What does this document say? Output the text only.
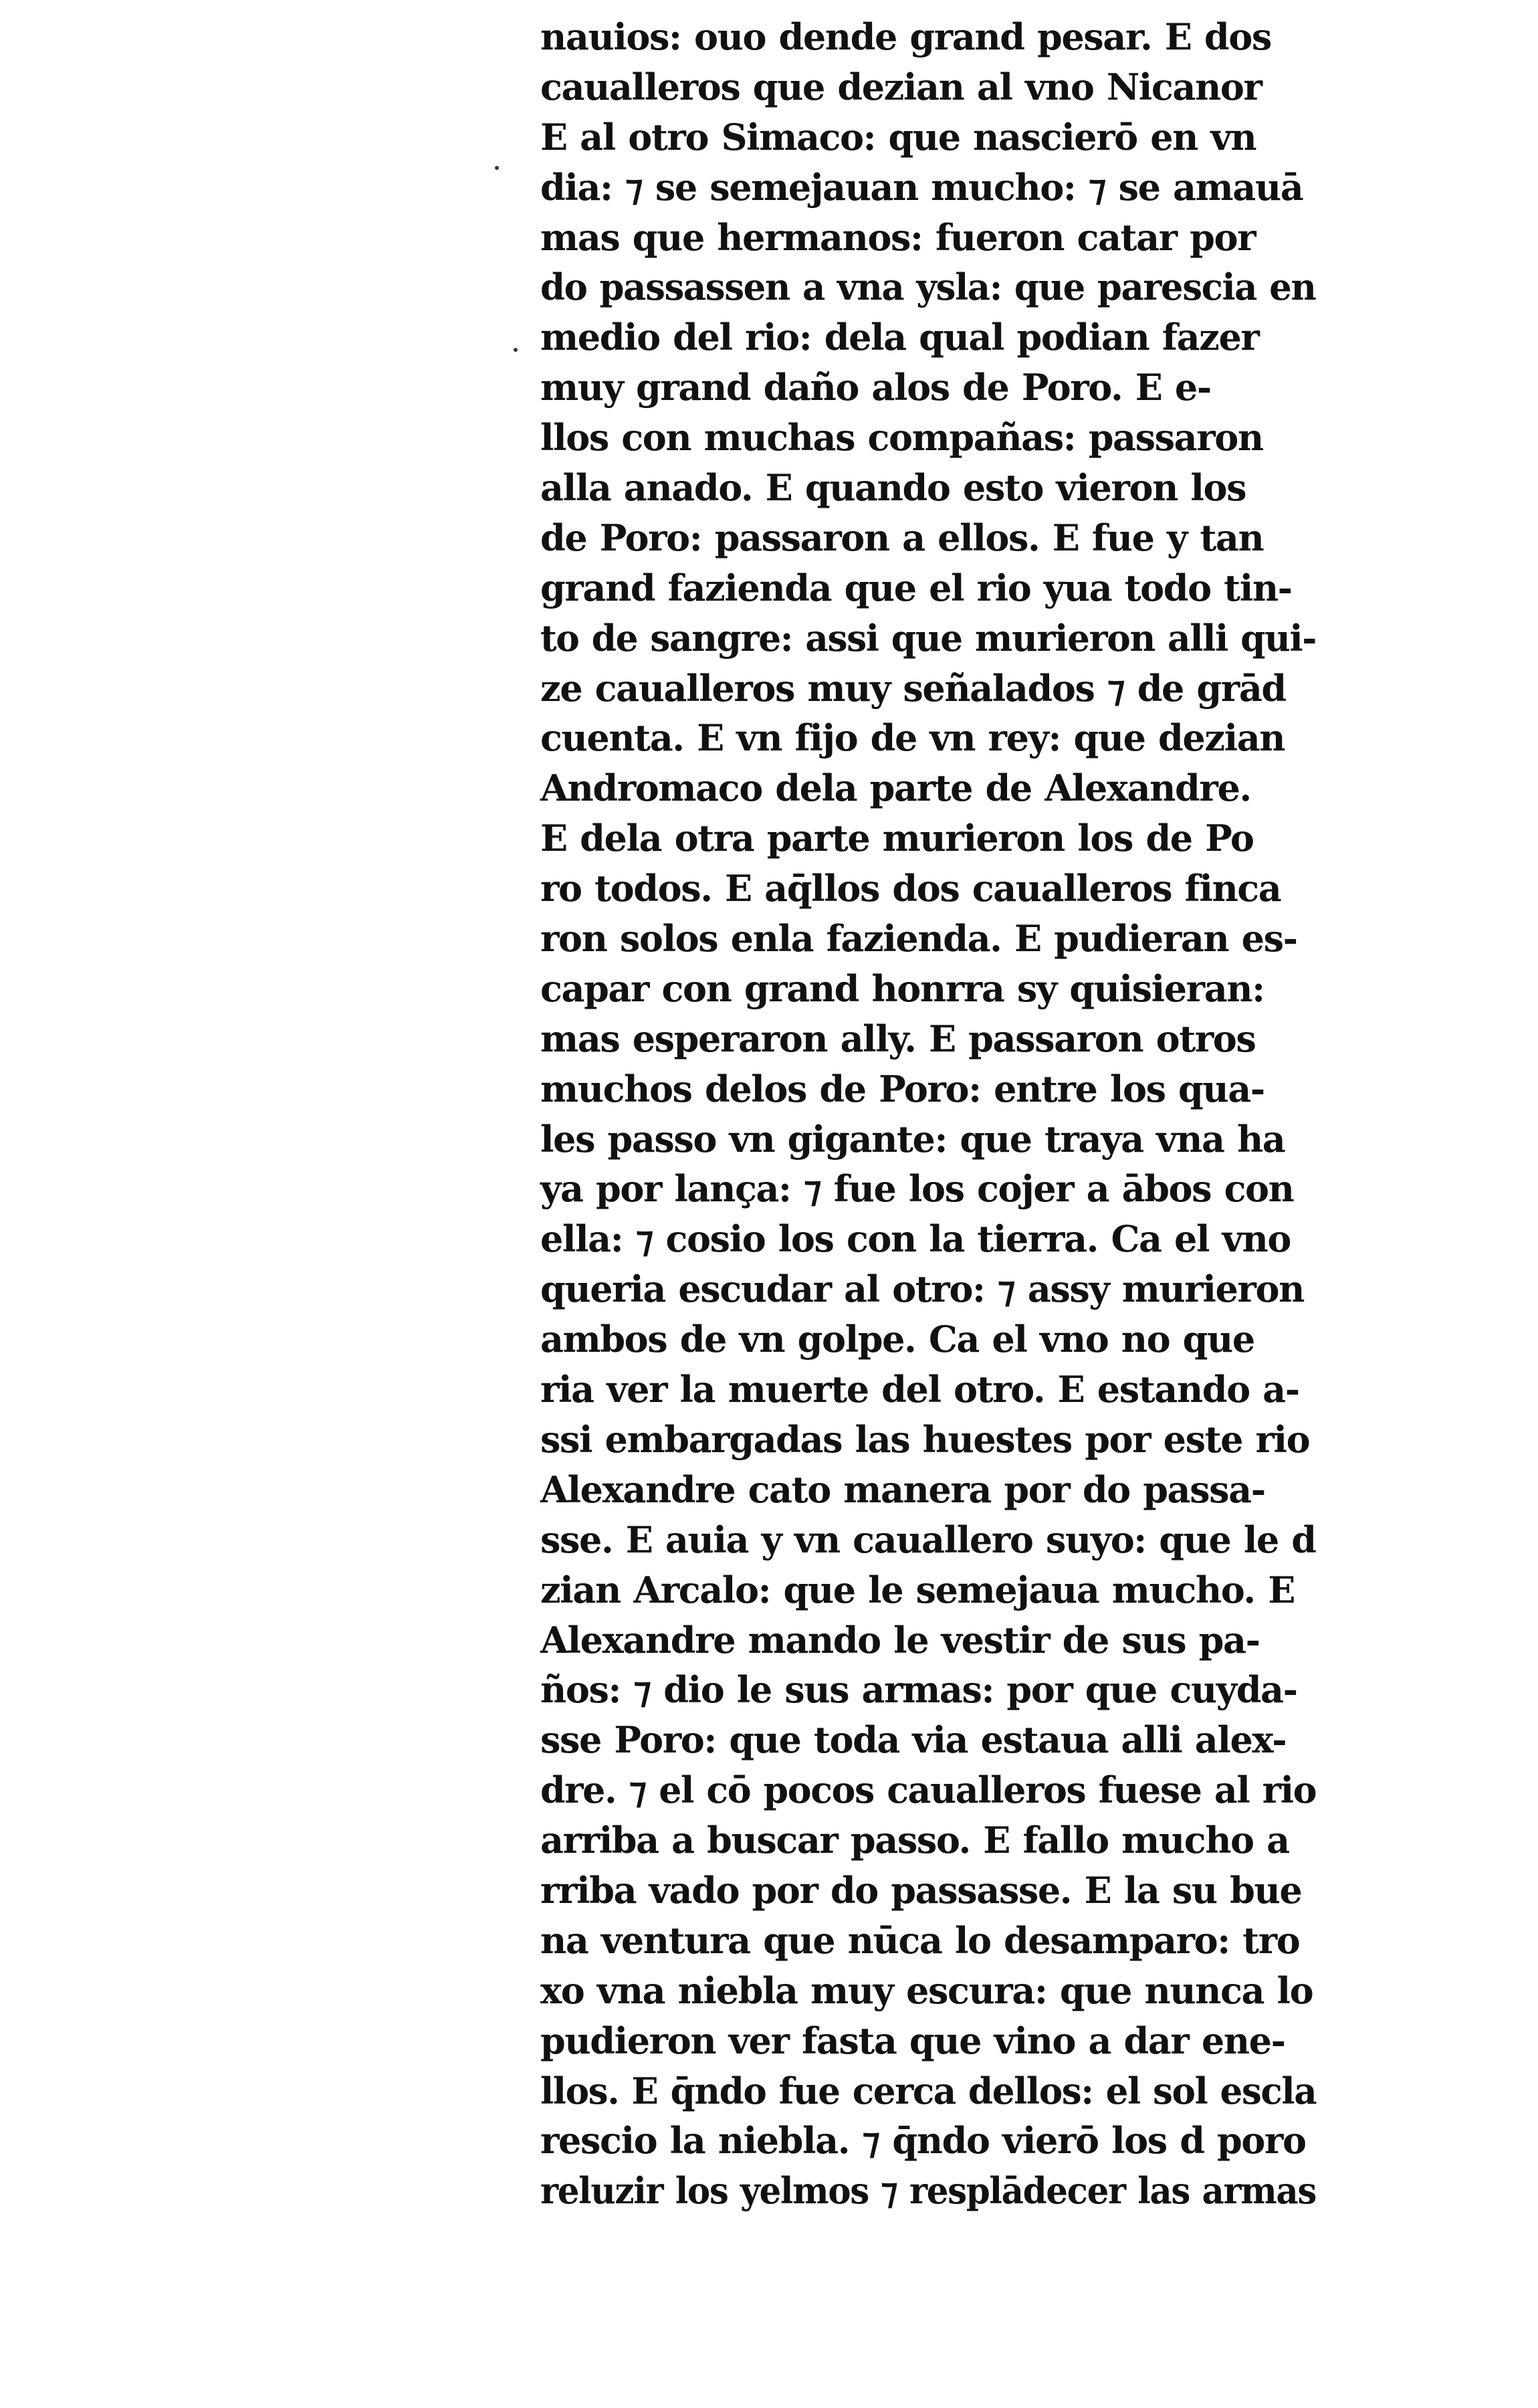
nauios: ouo dende grand pesar. E dos
caualleros que dezian al vno Nicanor
E al otro Simaco: que nascierō en vn
dia: ⁊ se semejauan mucho: ⁊ se amauā
mas que hermanos: fueron catar por
do passassen a vna ysla: que parescia en
medio del rio: dela qual podian fazer
muy grand daño alos de Poro. E e-
llos con muchas compañas: passaron
alla anado. E quando esto vieron los
de Poro: passaron a ellos. E fue y tan
grand fazienda que el rio yua todo tin-
to de sangre: assi que murieron alli qui-
ze caualleros muy señalados ⁊ de grād
cuenta. E vn fijo de vn rey: que dezian
Andromaco dela parte de Alexandre.
E dela otra parte murieron los de Po
ro todos. E aq̄llos dos caualleros finca
ron solos enla fazienda. E pudieran es-
capar con grand honrra sy quisieran:
mas esperaron ally. E passaron otros
muchos delos de Poro: entre los qua-
les passo vn gigante: que traya vna ha
ya por lança: ⁊ fue los cojer a ābos con
ella: ⁊ cosio los con la tierra. Ca el vno
queria escudar al otro: ⁊ assy murieron
ambos de vn golpe. Ca el vno no que
ria ver la muerte del otro. E estando a-
ssi embargadas las huestes por este rio
Alexandre cato manera por do passa-
sse. E auia y vn cauallero suyo: que le d
zian Arcalo: que le semejaua mucho. E
Alexandre mando le vestir de sus pa-
ños: ⁊ dio le sus armas: por que cuyda-
sse Poro: que toda via estaua alli alex-
dre. ⁊ el cō pocos caualleros fuese al rio
arriba a buscar passo. E fallo mucho a
rriba vado por do passasse. E la su bue
na ventura que nūca lo desamparo: tro
xo vna niebla muy escura: que nunca lo
pudieron ver fasta que vino a dar ene-
llos. E q̄ndo fue cerca dellos: el sol escla
rescio la niebla. ⁊ q̄ndo vierō los d poro
reluzir los yelmos ⁊ resplādecer las armas
